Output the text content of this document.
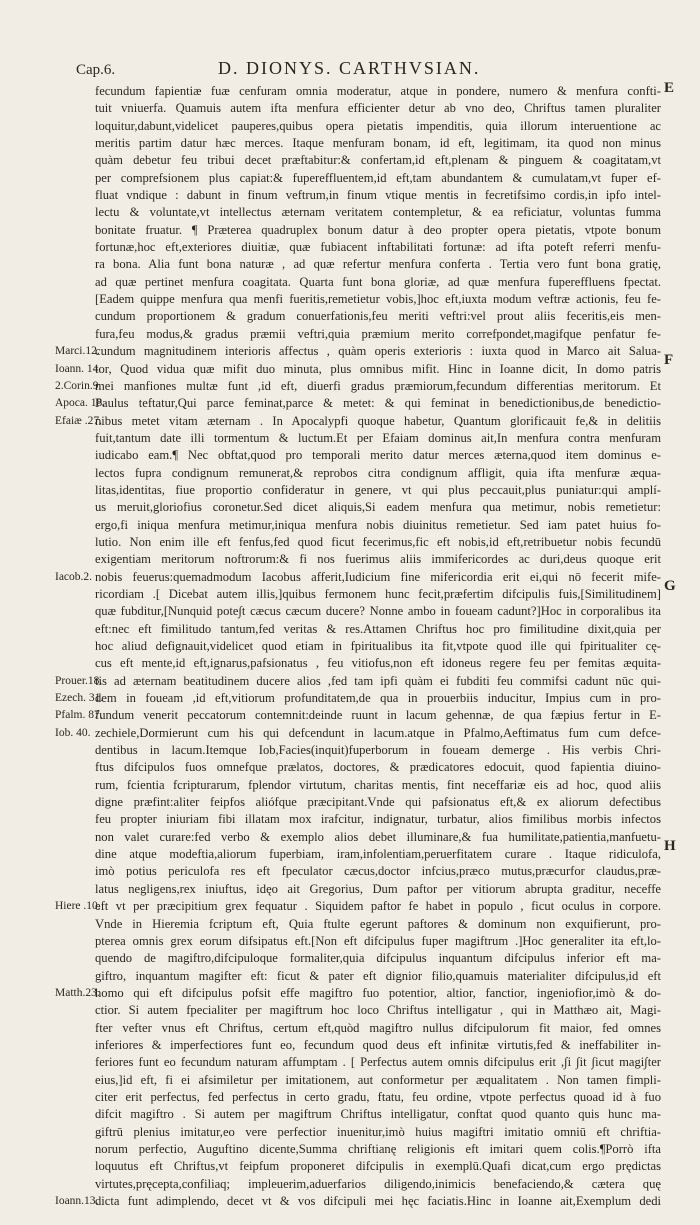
Cap.6.	D. DIONYS. CARTHVSIAN.
E
F
G
H
fecundum fapientiæ fuæ cenfuram omnia moderatur, atque in pondere, numero & menfura confti-
tuit vniuerfa. Quamuis autem ifta menfura efficienter detur ab vno deo, Chriftus tamen pluraliter
loquitur,dabunt,videlicet pauperes,quibus opera pietatis impenditis, quia illorum interuentione ac
meritis partim datur hæc merces. Itaque menfuram bonam, id eft, legitimam, ita quod non minus
quàm debetur feu tribui decet præftabitur:& confertam,id eft,plenam & pinguem & coagitatam,vt
per comprefsionem plus capiat:& fupereffluentem,id eft,tam abundantem & cumulatam,vt fuper ef-
fluat vndique : dabunt in finum veftrum,in finum vtique mentis in fecretifsimo cordis,in ipfo intel-
lectu & voluntate,vt intellectus æternam veritatem contempletur, & ea reficiatur, voluntas fumma
bonitate fruatur. ¶ Præterea quadruplex bonum datur à deo propter opera pietatis, vtpote bonum
fortunæ,hoc eft,exteriores diuitiæ, quæ fubiacent inftabilitati fortunæ: ad ifta poteft referri menfu-
ra bona. Alia funt bona naturæ , ad quæ refertur menfura conferta . Tertia vero funt bona gratię,
ad quæ pertinet menfura coagitata. Quarta funt bona gloriæ, ad quæ menfura fupereffluens fpectat.
[Eadem quippe menfura qua menfi fueritis,remetietur vobis,]hoc eft,iuxta modum veftræ actionis, feu fe-
cundum proportionem & gradum conuerfationis,feu meriti veftri:vel prout aliis feceritis,eis men-
fura,feu modus,& gradus præmii veftri,quia præmium merito correfpondet,magifque penfatur fe-
cundum magnitudinem interioris affectus , quàm operis exterioris : iuxta quod in Marco ait Salua-
Marci.12.
tor, Quod vidua quæ mifit duo minuta, plus omnibus mifit. Hinc in Ioanne dicit, In domo patris
Ioann. 14.
mei manfiones multæ funt ,id eft, diuerfi gradus præmiorum,fecundum differentias meritorum. Et
2.Corin.9.
Paulus teftatur,Qui parce feminat,parce & metet: & qui feminat in benedictionibus,de benedictio-
Apoca. 18.
nibus metet vitam æternam . In Apocalypfi quoque habetur, Quantum glorificauit fe,& in delitiis
Efaiæ .27.
fuit,tantum date illi tormentum & luctum.Et per Efaiam dominus ait,In menfura contra menfuram
iudicabo eam.¶ Nec obftat,quod pro temporali merito datur merces æterna,quod item dominus e-
lectos fupra condignum remunerat,& reprobos citra condignum affligit, quia ifta menfuræ æqua-
litas,identitas, fiue proportio confideratur in genere, vt qui plus peccauit,plus puniatur:qui amplí-
us meruit,gloriofius coronetur.Sed dicet aliquis,Si eadem menfura qua metimur, nobis remetietur:
ergo,fi iniqua menfura metimur,iniqua menfura nobis diuinitus remetietur. Sed iam patet huius fo-
lutio. Non enim ille eft fenfus,fed quod ficut fecerimus,fic eft nobis,id eft,retribuetur nobis fecundū
exigentiam meritorum noftrorum:& fi nos fuerimus aliis immifericordes ac duri,deus quoque erit
nobis feuerus:quemadmodum Iacobus afferit,Iudicium fine mifericordia erit ei,qui nō fecerit mife-
Iacob.2.
ricordiam .[ Dicebat autem illis,]quibus fermonem hunc fecit,præfertim difcipulis fuis,[Similitudinem]
quæ fubditur,[Nunquid pote∫t cæcus cæcum ducere? Nonne ambo in foueam cadunt?]Hoc in corporalibus ita
eft:nec eft fimilitudo tantum,fed veritas & res.Attamen Chriftus hoc pro fimilitudine dixit,quia per
hoc aliud defignauit,videlicet quod etiam in fpiritualibus ita fit,vtpote quod ille qui fpiritualiter cę-
cus eft mente,id eft,ignarus,pafsionatus , feu vitiofus,non eft idoneus regere feu per femitas æquita-
tis ad æternam beatitudinem ducere alios ,fed tam ipfi quàm ei fubditi feu commifsi cadunt nūc qui-
Prouer.18.
dem in foueam ,id eft,vitiorum profunditatem,de qua in prouerbiis inducitur, Impius cum in pro-
Ezech. 31.
fundum venerit peccatorum contemnit:deinde ruunt in lacum gehennæ, de qua fæpius fertur in E-
Pfalm. 87.
zechiele,Dormierunt cum his qui defcendunt in lacum.atque in Pfalmo,Aeftimatus fum cum defce-
Iob. 40.
dentibus in lacum.Itemque Iob,Facies(inquit)fuperborum in foueam demerge . His verbis Chri-
ftus difcipulos fuos omnefque prælatos, doctores, & prædicatores edocuit, quod fapientia diuino-
rum, fcientia fcripturarum, fplendor virtutum, charitas mentis, fint neceffariæ eis ad hoc, quod aliis
digne præfint:aliter feipfos aliófque præcipitant.Vnde qui pafsionatus eft,& ex aliorum defectibus
feu propter iniuriam fibi illatam mox irafcitur, indignatur, turbatur, alios fimilibus morbis infectos
non valet curare:fed verbo & exemplo alios debet illuminare,& fua humilitate,patientia,manfuetu-
dine atque modeftia,aliorum fuperbiam, iram,infolentiam,peruerfitatem curare . Itaque ridiculofa,
imò potius periculofa res eft fpeculator cæcus,doctor infcius,præco mutus,præcurfor claudus,præ-
latus negligens,rex iniuftus, idęo ait Gregorius, Dum paftor per vitiorum abrupta graditur, neceffe
eft vt per præcipitium grex fequatur . Siquidem paftor fe habet in populo , ficut oculus in corpore.
Hiere .10.
Vnde in Hieremia fcriptum eft, Quia ftulte egerunt paftores & dominum non exquifierunt, pro-
pterea omnis grex eorum difsipatus eft.[Non eft difcipulus fuper magiftrum .]Hoc generaliter ita eft,lo-
quendo de magiftro,difcipuloque formaliter,quia difcipulus inquantum difcipulus inferior eft ma-
giftro, inquantum magifter eft: ficut & pater eft dignior filio,quamuis materialiter difcipulus,id eft
homo qui eft difcipulus pofsit effe magiftro fuo potentior, altior, fanctior, ingeniofior,imò & do-
Matth.23.
ctior. Si autem fpecialiter per magiftrum hoc loco Chriftus intelligatur , qui in Matthæo ait, Magi-
fter vefter vnus eft Chriftus, certum eft,quòd magiftro nullus difcipulorum fit maior, fed omnes
inferiores & imperfectiores funt eo, fecundum quod deus eft infinitæ virtutis,fed & ineffabiliter in-
feriores funt eo fecundum naturam affumptam . [ Perfectus autem omnis difcipulus erit ,∫i ∫it ∫icut magi∫ter
eius,]id eft, fi ei afsimiletur per imitationem, aut conformetur per æqualitatem . Non tamen fimpli-
citer erit perfectus, fed perfectus in certo gradu, ftatu, feu ordine, vtpote perfectus quoad id à fuo
difcit magiftro . Si autem per magiftrum Chriftus intelligatur, conftat quod quanto quis hunc ma-
giftrū plenius imitatur,eo vere perfectior inuenitur,imò huius magiftri imitatio omniū eft chriftia-
norum perfectio, Auguftino dicente,Summa chriftianę religionis eft imitari quem colis.¶Porrò ifta
loquutus eft Chriftus,vt feipfum proponeret difcipulis in exemplū.Quafi dicat,cum ergo prędictas
virtutes,pręcepta,confiliaq; impleuerim,aduerfarios diligendo,inimicis benefaciendo,& cætera quę
dicta funt adimplendo, decet vt & vos difcipuli mei hęc faciatis.Hinc in Ioanne ait,Exemplum dedi
Ioann.13.
